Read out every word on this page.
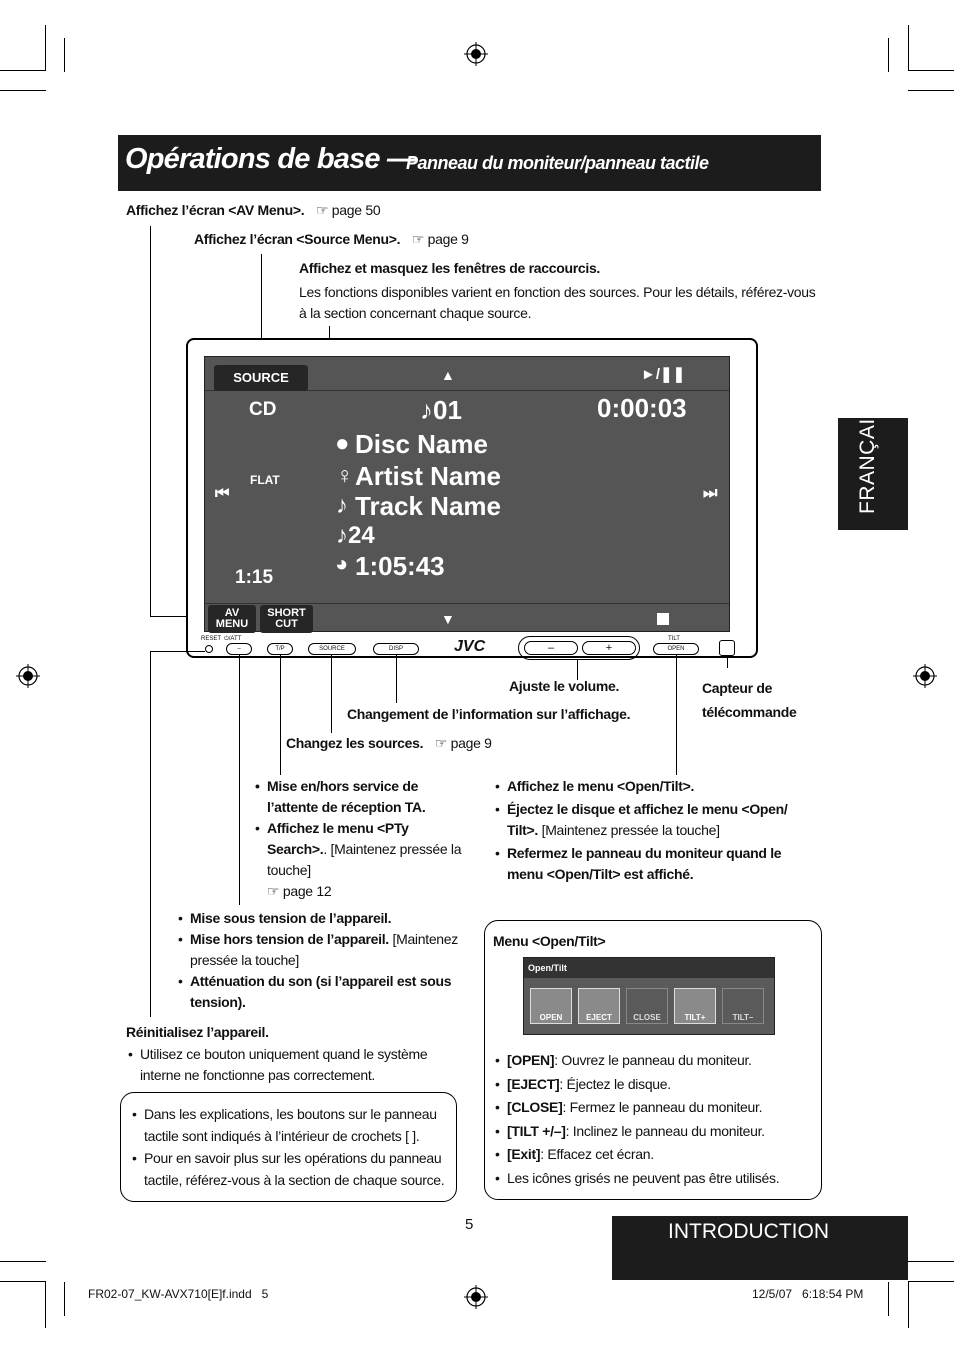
Opérations de base —
Panneau du moniteur/panneau tactile
FRANÇAIS
Affichez l’écran <AV Menu>. ☞ page 50
Affichez l’écran <Source Menu>. ☞ page 9
Affichez et masquez les fenêtres de raccourcis.
Les fonctions disponibles varient en fonction des sources. Pour les détails, référez-vous à la section concernant chaque source.
SOURCE	▲	►/❚❚
CD	♪01	0:00:03
FLAT
● Disc Name
♀ Artist Name
♪ Track Name
♪24
◕ 1:05:43
⏮	⏭
1:15
AV
MENU
SHORT
CUT	▼
RESET ⏻/ATT
–	T/P	SOURCE	DISP	JVC	–	+
TILT
OPEN
Ajuste le volume.	Capteur de
télécommande
Changement de l’information sur l’affichage.
Changez les sources. ☞ page 9
• Mise en/hors service de l’attente de réception TA.
• Affichez le menu <PTy Search>.. [Maintenez pressée la touche]
☞ page 12
• Affichez le menu <Open/Tilt>.
• Éjectez le disque et affichez le menu <Open/ Tilt>. [Maintenez pressée la touche]
• Refermez le panneau du moniteur quand le menu <Open/Tilt> est affiché.
• Mise sous tension de l’appareil.
• Mise hors tension de l’appareil. [Maintenez pressée la touche]
• Atténuation du son (si l’appareil est sous tension).
Réinitialisez l’appareil.
• Utilisez ce bouton uniquement quand le système interne ne fonctionne pas correctement.
• Dans les explications, les boutons sur le panneau tactile sont indiqués à l’intérieur de crochets [ ].
• Pour en savoir plus sur les opérations du panneau tactile, référez-vous à la section de chaque source.
Menu <Open/Tilt>
Open/Tilt
OPEN	EJECT	CLOSE	TILT+	TILT–
• [OPEN]: Ouvrez le panneau du moniteur.
• [EJECT]: Éjectez le disque.
• [CLOSE]: Fermez le panneau du moniteur.
• [TILT +/–]: Inclinez le panneau du moniteur.
• [Exit]: Effacez cet écran.
• Les icônes grisés ne peuvent pas être utilisés.
5	INTRODUCTION
FR02-07_KW-AVX710[E]f.indd   5	12/5/07   6:18:54 PM
